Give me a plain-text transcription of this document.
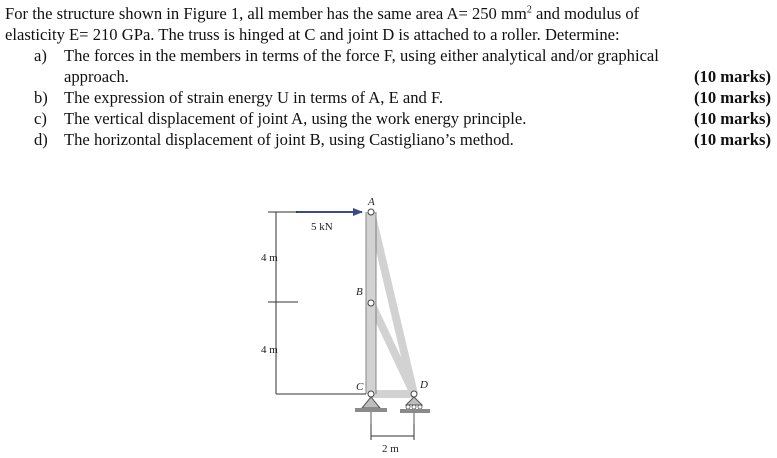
For the structure shown in Figure 1, all member has the same area A= 250 $mm^2$ and modulus of
elasticity E= 210 GPa. The truss is hinged at C and joint D is attached to a roller. Determine:

a) The forces in the members in terms of the force F, using either analytical and/or graphical
approach.	(10 marks)
b) The expression of strain energy U in terms of A, E and F.	(10 marks)
c) The vertical displacement of joint A, using the work energy principle.	(10 marks)
d) The horizontal displacement of joint B, using Castigliano’s method.	(10 marks)
5 kN
4 m
4 m
2 m
A
B
C	D
